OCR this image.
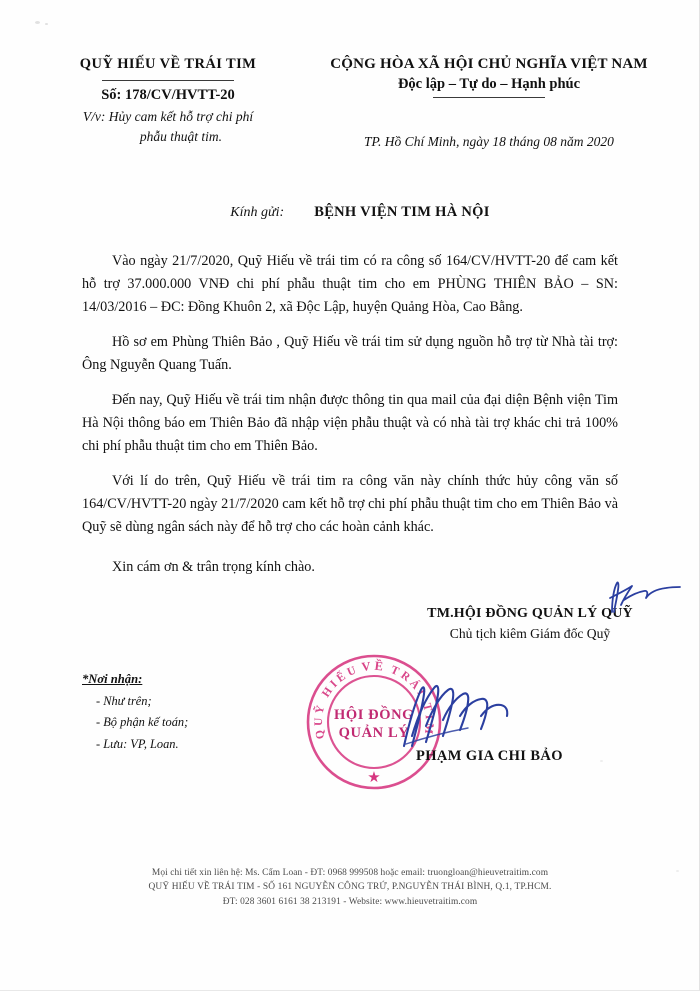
QUỸ HIẾU VỀ TRÁI TIM
Số: 178/CV/HVTT-20
V/v: Hủy cam kết hỗ trợ chi phí
phẫu thuật tim.
CỘNG HÒA XÃ HỘI CHỦ NGHĨA VIỆT NAM
Độc lập – Tự do – Hạnh phúc
TP. Hồ Chí Minh, ngày 18 tháng 08 năm 2020
Kính gửi: BỆNH VIỆN TIM HÀ NỘI

Vào ngày 21/7/2020, Quỹ Hiếu về trái tim có ra công số 164/CV/HVTT-20 để cam kết hỗ trợ 37.000.000 VNĐ chi phí phẫu thuật tim cho em PHÙNG THIÊN BẢO – SN: 14/03/2016 – ĐC: Đồng Khuôn 2, xã Độc Lập, huyện Quảng Hòa, Cao Bằng.

Hồ sơ em Phùng Thiên Bảo , Quỹ Hiếu về trái tim sử dụng nguồn hỗ trợ từ Nhà tài trợ: Ông Nguyễn Quang Tuấn.

Đến nay, Quỹ Hiếu về trái tim nhận được thông tin qua mail của đại diện Bệnh viện Tim Hà Nội thông báo em Thiên Bảo đã nhập viện phẫu thuật và có nhà tài trợ khác chi trả 100% chi phí phẫu thuật tim cho em Thiên Bảo.

Với lí do trên, Quỹ Hiếu về trái tim ra công văn này chính thức hủy công văn số 164/CV/HVTT-20 ngày 21/7/2020 cam kết hỗ trợ chi phí phẫu thuật tim cho em Thiên Bảo và Quỹ sẽ dùng ngân sách này để hỗ trợ cho các hoàn cảnh khác.

Xin cám ơn & trân trọng kính chào.

TM.HỘI ĐỒNG QUẢN LÝ QUỸ
Chủ tịch kiêm Giám đốc Quỹ
VỀ
QUỸ HIẾU	TRÁI TIM
HỘI ĐỒNG
QUẢN LÝ
★
PHẠM GIA CHI BẢO
*Nơi nhận:
- Như trên;
- Bộ phận kế toán;
- Lưu: VP, Loan.
Mọi chi tiết xin liên hệ: Ms. Cẩm Loan - ĐT: 0968 999508 hoặc email: truongloan@hieuvetraitim.com
QUỸ HIẾU VỀ TRÁI TIM - SỐ 161 NGUYỄN CÔNG TRỨ, P.NGUYỄN THÁI BÌNH, Q.1, TP.HCM.
ĐT: 028 3601 6161 38 213191 - Website: www.hieuvetraitim.com
